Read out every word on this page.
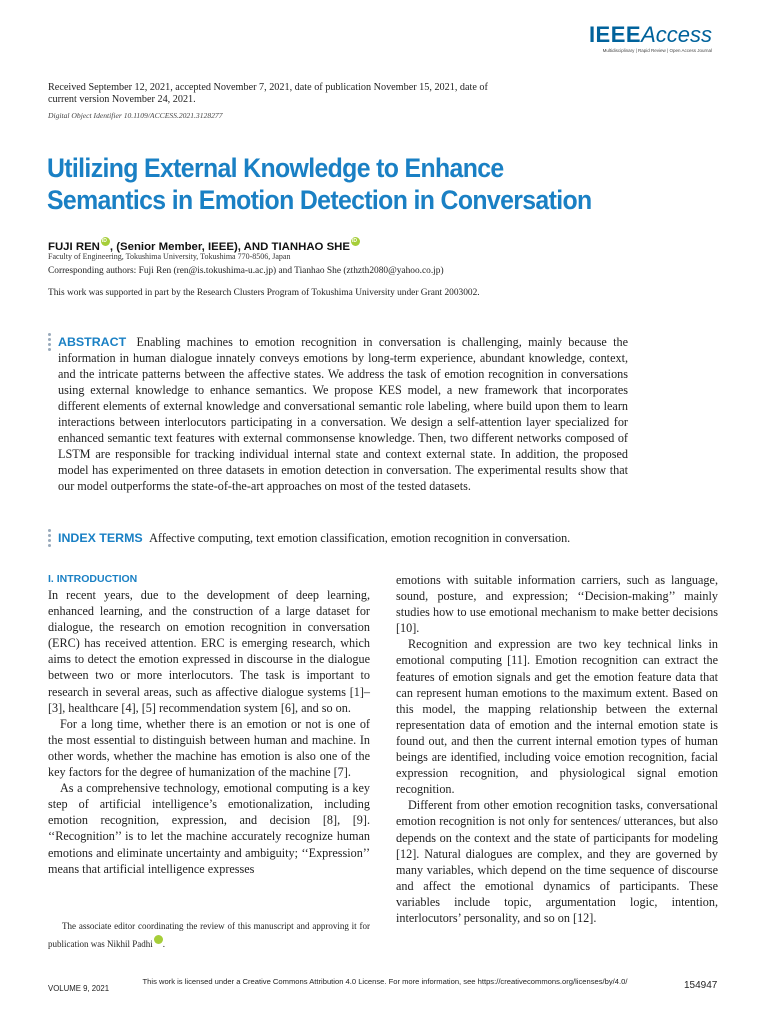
IEEEAccess
Multidisciplinary | Rapid Review | Open Access Journal
Received September 12, 2021, accepted November 7, 2021, date of publication November 15, 2021, date of current version November 24, 2021.
Digital Object Identifier 10.1109/ACCESS.2021.3128277
Utilizing External Knowledge to Enhance Semantics in Emotion Detection in Conversation
FUJI RENiD , (Senior Member, IEEE), AND TIANHAO SHEiD
Faculty of Engineering, Tokushima University, Tokushima 770-8506, Japan
Corresponding authors: Fuji Ren (ren@is.tokushima-u.ac.jp) and Tianhao She (zthzth2080@yahoo.co.jp)
This work was supported in part by the Research Clusters Program of Tokushima University under Grant 2003002.
ABSTRACT Enabling machines to emotion recognition in conversation is challenging, mainly because the information in human dialogue innately conveys emotions by long-term experience, abundant knowledge, context, and the intricate patterns between the affective states. We address the task of emotion recognition in conversations using external knowledge to enhance semantics. We propose KES model, a new framework that incorporates different elements of external knowledge and conversational semantic role labeling, where build upon them to learn interactions between interlocutors participating in a conversation. We design a self-attention layer specialized for enhanced semantic text features with external commonsense knowledge. Then, two different networks composed of LSTM are responsible for tracking individual internal state and context external state. In addition, the proposed model has experimented on three datasets in emotion detection in conversation. The experimental results show that our model outperforms the state-of-the-art approaches on most of the tested datasets.
INDEX TERMS Affective computing, text emotion classification, emotion recognition in conversation.
I. INTRODUCTION

In recent years, due to the development of deep learning, enhanced learning, and the construction of a large dataset for dialogue, the research on emotion recognition in conversation (ERC) has received attention. ERC is emerging research, which aims to detect the emotion expressed in discourse in the dialogue between two or more interlocutors. The task is important to research in several areas, such as affective dialogue systems [1]–[3], healthcare [4], [5] recommendation system [6], and so on.

For a long time, whether there is an emotion or not is one of the most essential to distinguish between human and machine. In other words, whether the machine has emotion is also one of the key factors for the degree of humanization of the machine [7].

As a comprehensive technology, emotional computing is a key step of artificial intelligence’s emotionalization, including emotion recognition, expression, and decision [8], [9]. ‘‘Recognition’’ is to let the machine accurately recognize human emotions and eliminate uncertainty and ambiguity; ‘‘Expression’’ means that artificial intelligence expresses

The associate editor coordinating the review of this manuscript and approving it for publication was Nikhil PadhiiD

emotions with suitable information carriers, such as language, sound, posture, and expression; ‘‘Decision-making’’ mainly studies how to use emotional mechanism to make better decisions [10].

Recognition and expression are two key technical links in emotional computing [11]. Emotion recognition can extract the features of emotion signals and get the emotion feature data that can represent human emotions to the maximum extent. Based on this model, the mapping relationship between the external representation data of emotion and the internal emotion state is found out, and then the current internal emotion types of human beings are identified, including voice emotion recognition, facial expression recognition, and physiological signal emotion recognition.

Different from other emotion recognition tasks, conversational emotion recognition is not only for sentences/ utterances, but also depends on the context and the state of participants for modeling [12]. Natural dialogues are complex, and they are governed by many variables, which depend on the time sequence of discourse and affect the emotional dynamics of participants. These variables include topic, argumentation logic, intention, interlocutors’ personality, and so on [12].

VOLUME 9, 2021
This work is licensed under a Creative Commons Attribution 4.0 License. For more information, see https://creativecommons.org/licenses/by/4.0/	154947
